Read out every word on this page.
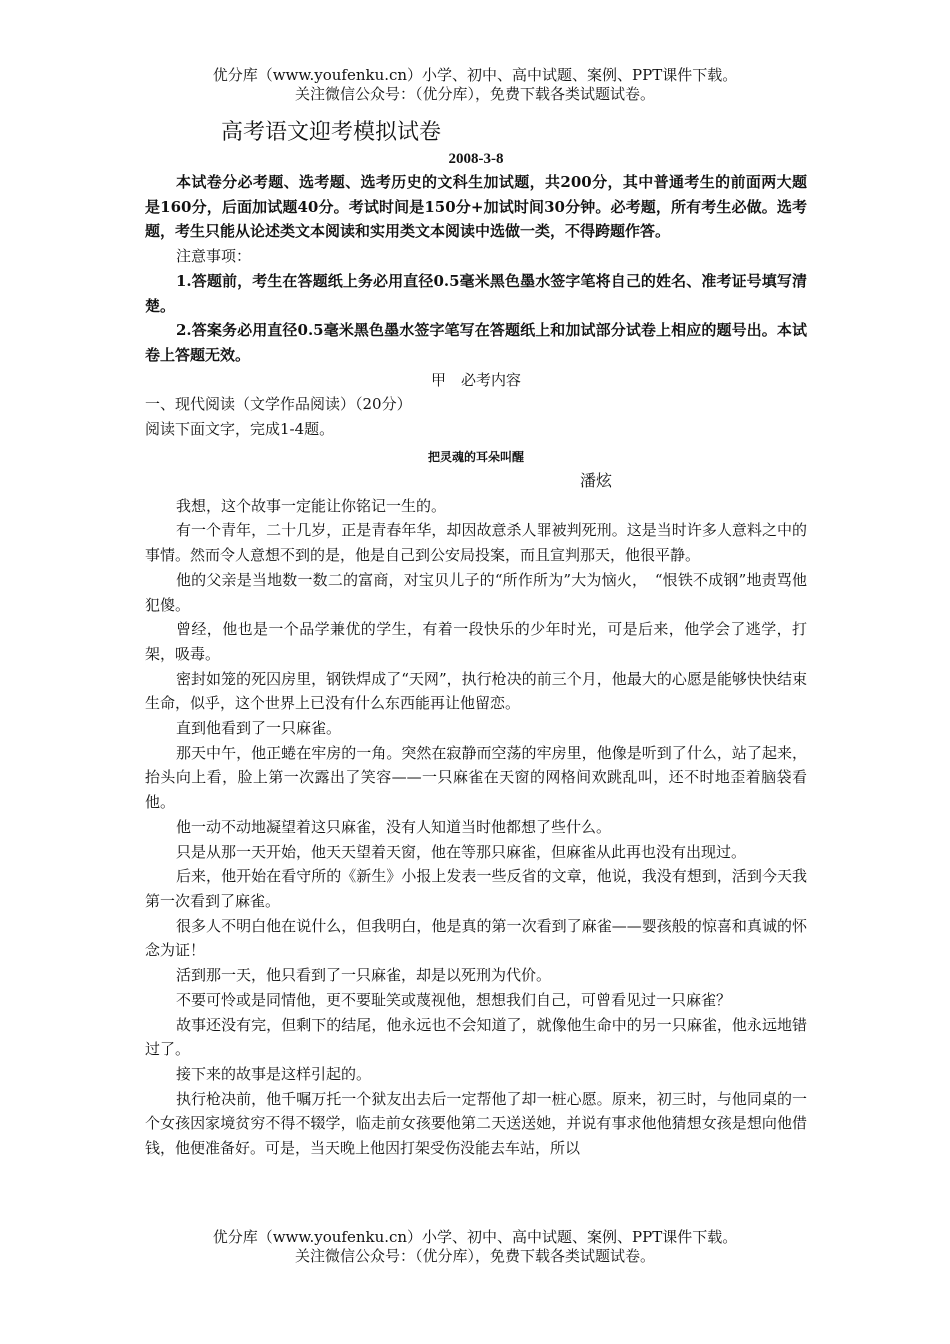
优分库（www.youfenku.cn）小学、初中、高中试题、案例、PPT课件下载。
关注微信公众号：（优分库），免费下载各类试题试卷。
高考语文迎考模拟试卷
2008-3-8

本试卷分必考题、选考题、选考历史的文科生加试题，共200分，其中普通考生的前面两大题是160分，后面加试题40分。考试时间是150分+加试时间30分钟。必考题，所有考生必做。选考题，考生只能从论述类文本阅读和实用类文本阅读中选做一类，不得跨题作答。

注意事项：

1.答题前，考生在答题纸上务必用直径0.5毫米黑色墨水签字笔将自己的姓名、准考证号填写清楚。

2.答案务必用直径0.5毫米黑色墨水签字笔写在答题纸上和加试部分试卷上相应的题号出。本试卷上答题无效。

甲　必考内容

一、现代阅读（文学作品阅读）（20分）

阅读下面文字，完成1-4题。

把灵魂的耳朵叫醒
潘炫

我想，这个故事一定能让你铭记一生的。

有一个青年，二十几岁，正是青春年华，却因故意杀人罪被判死刑。这是当时许多人意料之中的事情。然而令人意想不到的是，他是自己到公安局投案，而且宣判那天，他很平静。

他的父亲是当地数一数二的富商，对宝贝儿子的“所作所为”大为恼火，　“恨铁不成钢”地责骂他犯傻。

曾经，他也是一个品学兼优的学生，有着一段快乐的少年时光，可是后来，他学会了逃学，打架，吸毒。

密封如笼的死囚房里，钢铁焊成了“天网”，执行枪决的前三个月，他最大的心愿是能够快快结束生命，似乎，这个世界上已没有什么东西能再让他留恋。

直到他看到了一只麻雀。

那天中午，他正蜷在牢房的一角。突然在寂静而空荡的牢房里，他像是听到了什么，站了起来，抬头向上看，脸上第一次露出了笑容——一只麻雀在天窗的网格间欢跳乱叫，还不时地歪着脑袋看他。

他一动不动地凝望着这只麻雀，没有人知道当时他都想了些什么。

只是从那一天开始，他天天望着天窗，他在等那只麻雀，但麻雀从此再也没有出现过。

后来，他开始在看守所的《新生》小报上发表一些反省的文章，他说，我没有想到，活到今天我第一次看到了麻雀。

很多人不明白他在说什么，但我明白，他是真的第一次看到了麻雀——婴孩般的惊喜和真诚的怀念为证！

活到那一天，他只看到了一只麻雀，却是以死刑为代价。

不要可怜或是同情他，更不要耻笑或蔑视他，想想我们自己，可曾看见过一只麻雀？

故事还没有完，但剩下的结尾，他永远也不会知道了，就像他生命中的另一只麻雀，他永远地错过了。

接下来的故事是这样引起的。

执行枪决前，他千嘱万托一个狱友出去后一定帮他了却一桩心愿。原来，初三时，与他同桌的一个女孩因家境贫穷不得不辍学，临走前女孩要他第二天送送她，并说有事求他他猜想女孩是想向他借钱，他便准备好。可是，当天晚上他因打架受伤没能去车站，所以

优分库（www.youfenku.cn）小学、初中、高中试题、案例、PPT课件下载。
关注微信公众号：（优分库），免费下载各类试题试卷。
